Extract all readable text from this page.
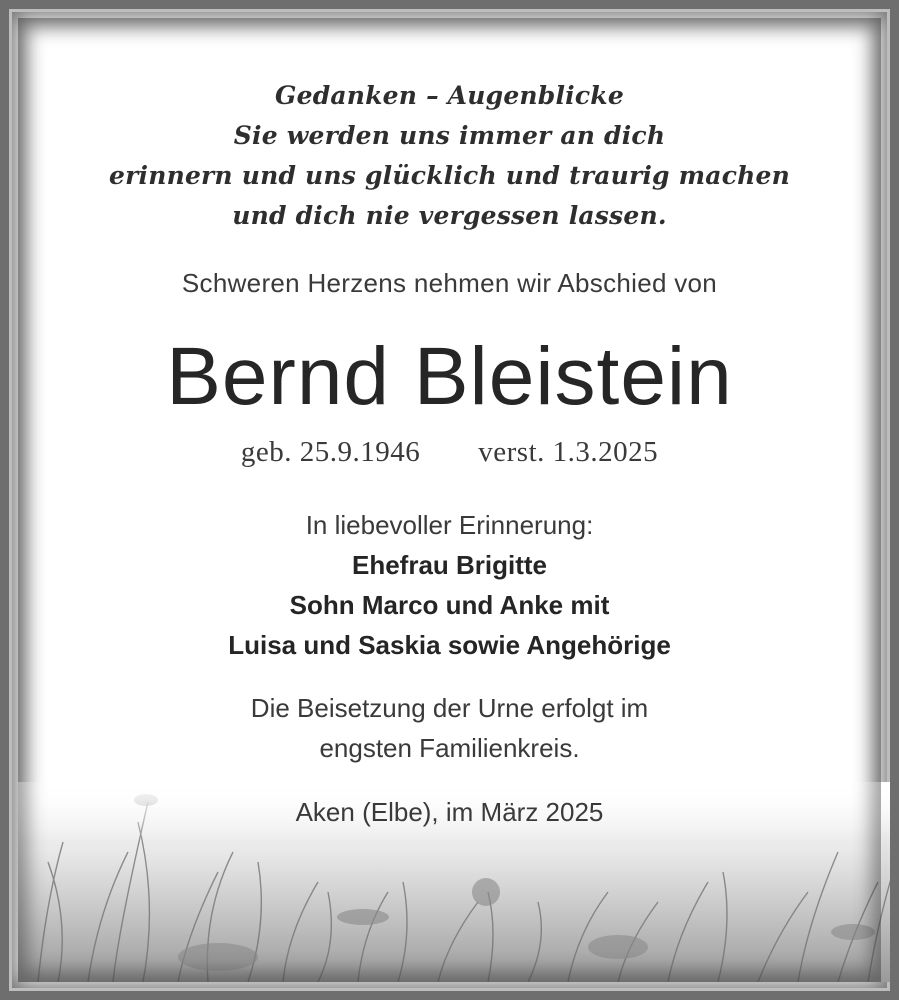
Gedanken – Augenblicke
Sie werden uns immer an dich
erinnern und uns glücklich und traurig machen
und dich nie vergessen lassen.
Schweren Herzens nehmen wir Abschied von
Bernd Bleistein
geb. 25.9.1946 verst. 1.3.2025
In liebevoller Erinnerung:
Ehefrau Brigitte
Sohn Marco und Anke mit
Luisa und Saskia sowie Angehörige
Die Beisetzung der Urne erfolgt im
engsten Familienkreis.
Aken (Elbe), im März 2025
